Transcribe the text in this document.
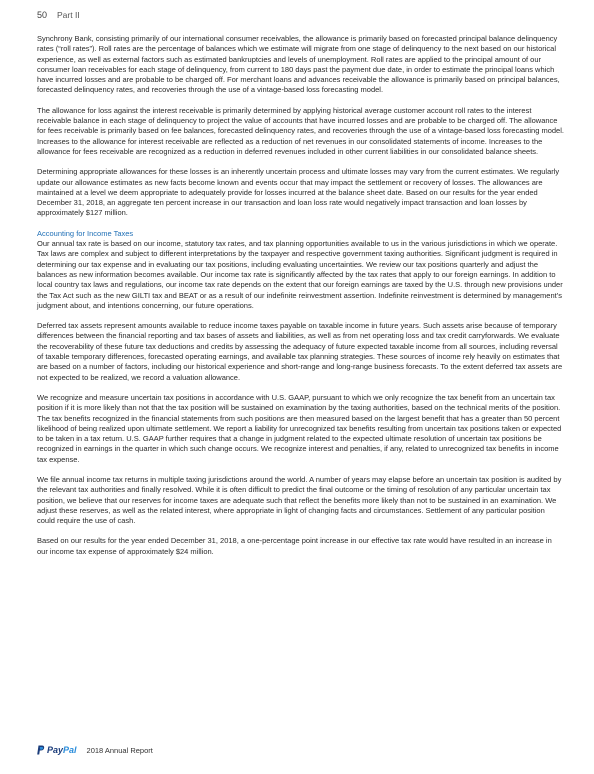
50 Part II

Synchrony Bank, consisting primarily of our international consumer receivables, the allowance is primarily based on forecasted principal balance delinquency rates (“roll rates”). Roll rates are the percentage of balances which we estimate will migrate from one stage of delinquency to the next based on our historical experience, as well as external factors such as estimated bankruptcies and levels of unemployment. Roll rates are applied to the principal amount of our consumer loan receivables for each stage of delinquency, from current to 180 days past the payment due date, in order to estimate the principal loans which have incurred losses and are probable to be charged off. For merchant loans and advances receivable the allowance is primarily based on principal balances, forecasted delinquency rates, and recoveries through the use of a vintage-based loss forecasting model.

The allowance for loss against the interest receivable is primarily determined by applying historical average customer account roll rates to the interest receivable balance in each stage of delinquency to project the value of accounts that have incurred losses and are probable to be charged off. The allowance for fees receivable is primarily based on fee balances, forecasted delinquency rates, and recoveries through the use of a vintage-based loss forecasting model. Increases to the allowance for interest receivable are reflected as a reduction of net revenues in our consolidated statements of income. Increases to the allowance for fees receivable are recognized as a reduction in deferred revenues included in other current liabilities in our consolidated balance sheets.

Determining appropriate allowances for these losses is an inherently uncertain process and ultimate losses may vary from the current estimates. We regularly update our allowance estimates as new facts become known and events occur that may impact the settlement or recovery of losses. The allowances are maintained at a level we deem appropriate to adequately provide for losses incurred at the balance sheet date. Based on our results for the year ended December 31, 2018, an aggregate ten percent increase in our transaction and loan loss rate would negatively impact transaction and loan losses by approximately $127 million.

Accounting for Income Taxes

Our annual tax rate is based on our income, statutory tax rates, and tax planning opportunities available to us in the various jurisdictions in which we operate. Tax laws are complex and subject to different interpretations by the taxpayer and respective government taxing authorities. Significant judgment is required in determining our tax expense and in evaluating our tax positions, including evaluating uncertainties. We review our tax positions quarterly and adjust the balances as new information becomes available. Our income tax rate is significantly affected by the tax rates that apply to our foreign earnings. In addition to local country tax laws and regulations, our income tax rate depends on the extent that our foreign earnings are taxed by the U.S. through new provisions under the Tax Act such as the new GILTI tax and BEAT or as a result of our indefinite reinvestment assertion. Indefinite reinvestment is determined by management’s judgment about, and intentions concerning, our future operations.

Deferred tax assets represent amounts available to reduce income taxes payable on taxable income in future years. Such assets arise because of temporary differences between the financial reporting and tax bases of assets and liabilities, as well as from net operating loss and tax credit carryforwards. We evaluate the recoverability of these future tax deductions and credits by assessing the adequacy of future expected taxable income from all sources, including reversal of taxable temporary differences, forecasted operating earnings, and available tax planning strategies. These sources of income rely heavily on estimates that are based on a number of factors, including our historical experience and short-range and long-range business forecasts. To the extent deferred tax assets are not expected to be realized, we record a valuation allowance.

We recognize and measure uncertain tax positions in accordance with U.S. GAAP, pursuant to which we only recognize the tax benefit from an uncertain tax position if it is more likely than not that the tax position will be sustained on examination by the taxing authorities, based on the technical merits of the position. The tax benefits recognized in the financial statements from such positions are then measured based on the largest benefit that has a greater than 50 percent likelihood of being realized upon ultimate settlement. We report a liability for unrecognized tax benefits resulting from uncertain tax positions taken or expected to be taken in a tax return. U.S. GAAP further requires that a change in judgment related to the expected ultimate resolution of uncertain tax positions be recognized in earnings in the quarter in which such change occurs. We recognize interest and penalties, if any, related to unrecognized tax benefits in income tax expense.

We file annual income tax returns in multiple taxing jurisdictions around the world. A number of years may elapse before an uncertain tax position is audited by the relevant tax authorities and finally resolved. While it is often difficult to predict the final outcome or the timing of resolution of any particular uncertain tax position, we believe that our reserves for income taxes are adequate such that reflect the benefits more likely than not to be sustained in an examination. We adjust these reserves, as well as the related interest, where appropriate in light of changing facts and circumstances. Settlement of any particular position could require the use of cash.

Based on our results for the year ended December 31, 2018, a one-percentage point increase in our effective tax rate would have resulted in an increase in our income tax expense of approximately $24 million.

PayPal 2018 Annual Report
